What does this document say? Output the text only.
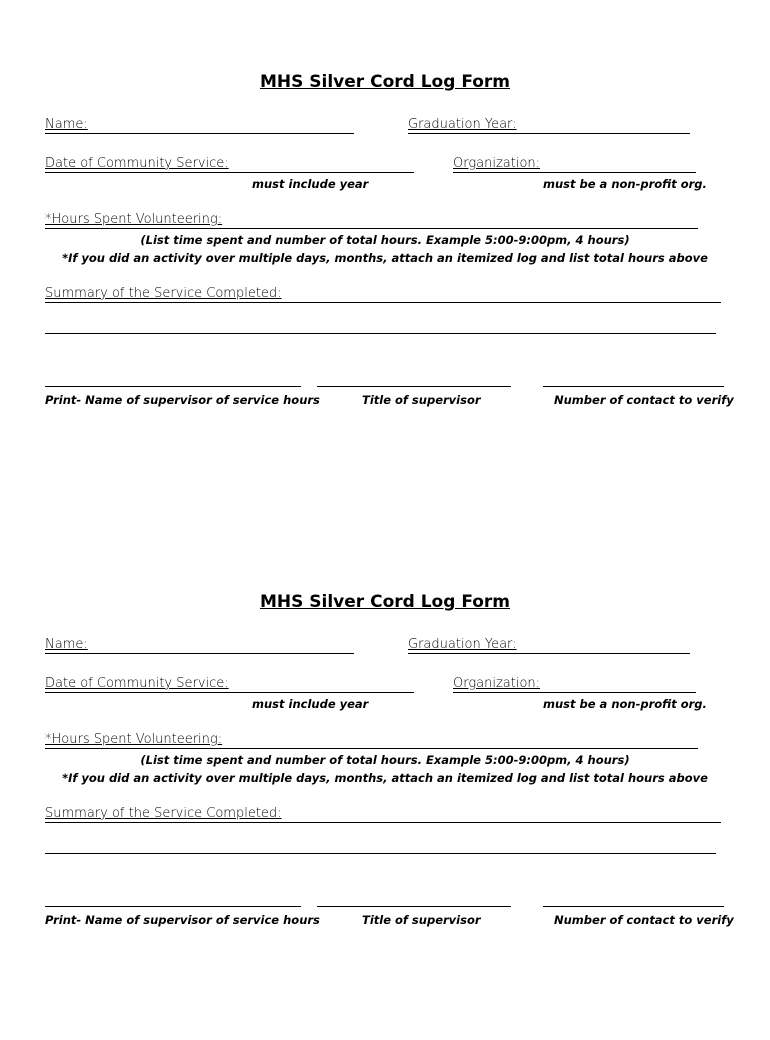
MHS Silver Cord Log Form
Name:	Graduation Year:
Date of Community Service:	Organization:
must include year	must be a non-profit org.
*Hours Spent Volunteering:
(List time spent and number of total hours. Example 5:00-9:00pm, 4 hours)
*If you did an activity over multiple days, months, attach an itemized log and list total hours above
Summary of the Service Completed:
Print- Name of supervisor of service hours	Title of supervisor	Number of contact to verify
MHS Silver Cord Log Form
Name:	Graduation Year:
Date of Community Service:	Organization:
must include year	must be a non-profit org.
*Hours Spent Volunteering:
(List time spent and number of total hours. Example 5:00-9:00pm, 4 hours)
*If you did an activity over multiple days, months, attach an itemized log and list total hours above
Summary of the Service Completed:
Print- Name of supervisor of service hours	Title of supervisor	Number of contact to verify
